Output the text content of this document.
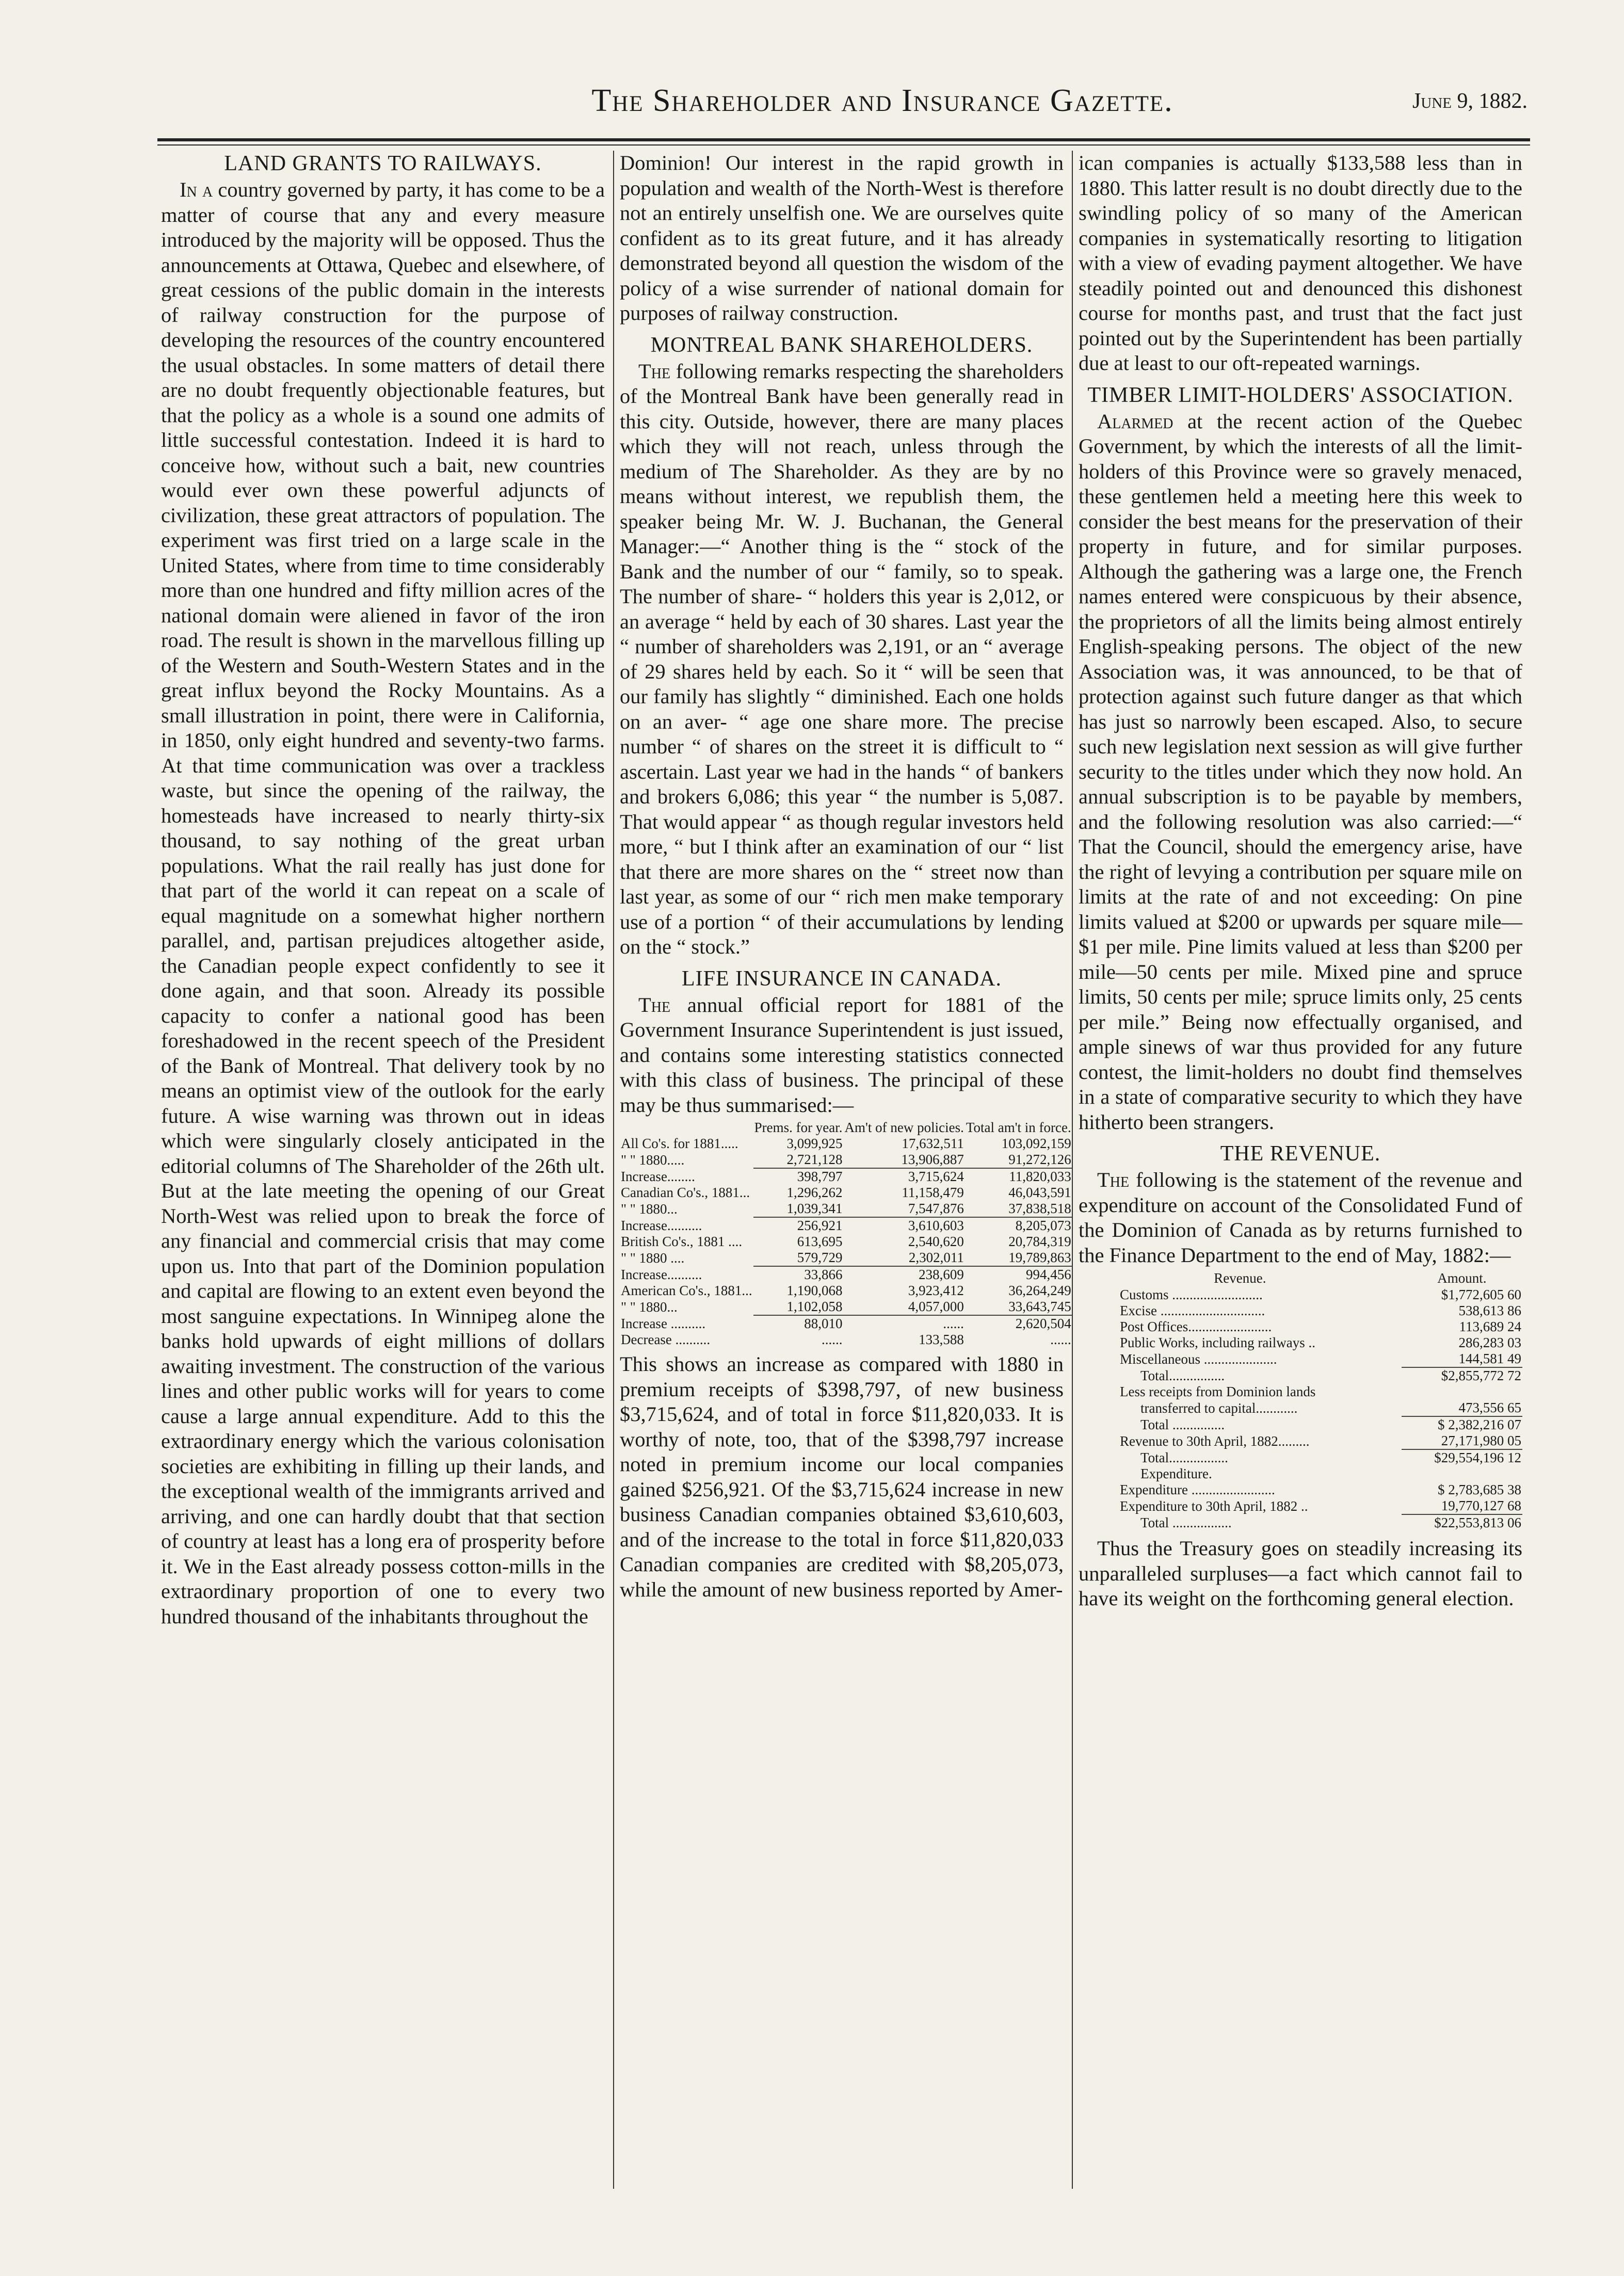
The Shareholder and Insurance Gazette.	June 9, 1882.
LAND GRANTS TO RAILWAYS.

In a country governed by party, it has come to be a matter of course that any and every measure introduced by the majority will be opposed. Thus the announcements at Ottawa, Quebec and elsewhere, of great cessions of the public domain in the interests of railway construction for the purpose of developing the resources of the country encountered the usual obstacles. In some matters of detail there are no doubt frequently objectionable features, but that the policy as a whole is a sound one admits of little successful contestation. Indeed it is hard to conceive how, without such a bait, new countries would ever own these powerful adjuncts of civilization, these great attractors of population. The experiment was first tried on a large scale in the United States, where from time to time considerably more than one hundred and fifty million acres of the national domain were aliened in favor of the iron road. The result is shown in the marvellous filling up of the Western and South-Western States and in the great influx beyond the Rocky Mountains. As a small illustration in point, there were in California, in 1850, only eight hundred and seventy-two farms. At that time communication was over a trackless waste, but since the opening of the railway, the homesteads have increased to nearly thirty-six thousand, to say nothing of the great urban populations. What the rail really has just done for that part of the world it can repeat on a scale of equal magnitude on a somewhat higher northern parallel, and, partisan prejudices altogether aside, the Canadian people expect confidently to see it done again, and that soon. Already its possible capacity to confer a national good has been foreshadowed in the recent speech of the President of the Bank of Montreal. That delivery took by no means an optimist view of the outlook for the early future. A wise warning was thrown out in ideas which were singularly closely anticipated in the editorial columns of The Shareholder of the 26th ult. But at the late meeting the opening of our Great North-West was relied upon to break the force of any financial and commercial crisis that may come upon us. Into that part of the Dominion population and capital are flowing to an extent even beyond the most sanguine expectations. In Winnipeg alone the banks hold upwards of eight millions of dollars awaiting investment. The construction of the various lines and other public works will for years to come cause a large annual expenditure. Add to this the extraordinary energy which the various colonisation societies are exhibiting in filling up their lands, and the exceptional wealth of the immigrants arrived and arriving, and one can hardly doubt that that section of country at least has a long era of prosperity before it. We in the East already possess cotton-mills in the extraordinary proportion of one to every two hundred thousand of the inhabitants throughout the

Dominion! Our interest in the rapid growth in population and wealth of the North-West is therefore not an entirely unselfish one. We are ourselves quite confident as to its great future, and it has already demonstrated beyond all question the wisdom of the policy of a wise surrender of national domain for purposes of railway construction.

MONTREAL BANK SHAREHOLDERS.

The following remarks respecting the shareholders of the Montreal Bank have been generally read in this city. Outside, however, there are many places which they will not reach, unless through the medium of The Shareholder. As they are by no means without interest, we republish them, the speaker being Mr. W. J. Buchanan, the General Manager:—“ Another thing is the “ stock of the Bank and the number of our “ family, so to speak. The number of share- “ holders this year is 2,012, or an average “ held by each of 30 shares. Last year the “ number of shareholders was 2,191, or an “ average of 29 shares held by each. So it “ will be seen that our family has slightly “ diminished. Each one holds on an aver- “ age one share more. The precise number “ of shares on the street it is difficult to “ ascertain. Last year we had in the hands “ of bankers and brokers 6,086; this year “ the number is 5,087. That would appear “ as though regular investors held more, “ but I think after an examination of our “ list that there are more shares on the “ street now than last year, as some of our “ rich men make temporary use of a portion “ of their accumulations by lending on the “ stock.”

LIFE INSURANCE IN CANADA.

The annual official report for 1881 of the Government Insurance Superintendent is just issued, and contains some interesting statistics connected with this class of business. The principal of these may be thus summarised:—

	Prems. for year.	Am't of new policies.	Total am't in force.
All Co's. for 1881.....	3,099,925	17,632,511	103,092,159
" " 1880.....	2,721,128	13,906,887	91,272,126
Increase........	398,797	3,715,624	11,820,033
Canadian Co's., 1881...	1,296,262	11,158,479	46,043,591
" " 1880...	1,039,341	7,547,876	37,838,518
Increase..........	256,921	3,610,603	8,205,073
British Co's., 1881 ....	613,695	2,540,620	20,784,319
" " 1880 ....	579,729	2,302,011	19,789,863
Increase..........	33,866	238,609	994,456
American Co's., 1881...	1,190,068	3,923,412	36,264,249
" " 1880...	1,102,058	4,057,000	33,643,745
Increase ..........	88,010	......	2,620,504
Decrease ..........	......	133,588	......

This shows an increase as compared with 1880 in premium receipts of $398,797, of new business $3,715,624, and of total in force $11,820,033. It is worthy of note, too, that of the $398,797 increase noted in premium income our local companies gained $256,921. Of the $3,715,624 increase in new business Canadian companies obtained $3,610,603, and of the increase to the total in force $11,820,033 Canadian companies are credited with $8,205,073, while the amount of new business reported by Amer-

ican companies is actually $133,588 less than in 1880. This latter result is no doubt directly due to the swindling policy of so many of the American companies in systematically resorting to litigation with a view of evading payment altogether. We have steadily pointed out and denounced this dishonest course for months past, and trust that the fact just pointed out by the Superintendent has been partially due at least to our oft-repeated warnings.

TIMBER LIMIT-HOLDERS' ASSOCIATION.

Alarmed at the recent action of the Quebec Government, by which the interests of all the limit-holders of this Province were so gravely menaced, these gentlemen held a meeting here this week to consider the best means for the preservation of their property in future, and for similar purposes. Although the gathering was a large one, the French names entered were conspicuous by their absence, the proprietors of all the limits being almost entirely English-speaking persons. The object of the new Association was, it was announced, to be that of protection against such future danger as that which has just so narrowly been escaped. Also, to secure such new legislation next session as will give further security to the titles under which they now hold. An annual subscription is to be payable by members, and the following resolution was also carried:—“ That the Council, should the emergency arise, have the right of levying a contribution per square mile on limits at the rate of and not exceeding: On pine limits valued at $200 or upwards per square mile—$1 per mile. Pine limits valued at less than $200 per mile—50 cents per mile. Mixed pine and spruce limits, 50 cents per mile; spruce limits only, 25 cents per mile.” Being now effectually organised, and ample sinews of war thus provided for any future contest, the limit-holders no doubt find themselves in a state of comparative security to which they have hitherto been strangers.

THE REVENUE.

The following is the statement of the revenue and expenditure on account of the Consolidated Fund of the Dominion of Canada as by returns furnished to the Finance Department to the end of May, 1882:—

Revenue.	Amount.
Customs ..........................	$1,772,605 60
Excise ..............................	538,613 86
Post Offices........................	113,689 24
Public Works, including railways ..	286,283 03
Miscellaneous .....................	144,581 49
Total................	$2,855,772 72
Less receipts from Dominion lands	
transferred to capital............	473,556 65
Total ...............	$ 2,382,216 07
Revenue to 30th April, 1882.........	27,171,980 05
Total.................	$29,554,196 12
Expenditure.	
Expenditure ........................	$ 2,783,685 38
Expenditure to 30th April, 1882 ..	19,770,127 68
Total .................	$22,553,813 06

Thus the Treasury goes on steadily increasing its unparalleled surpluses—a fact which cannot fail to have its weight on the forthcoming general election.
